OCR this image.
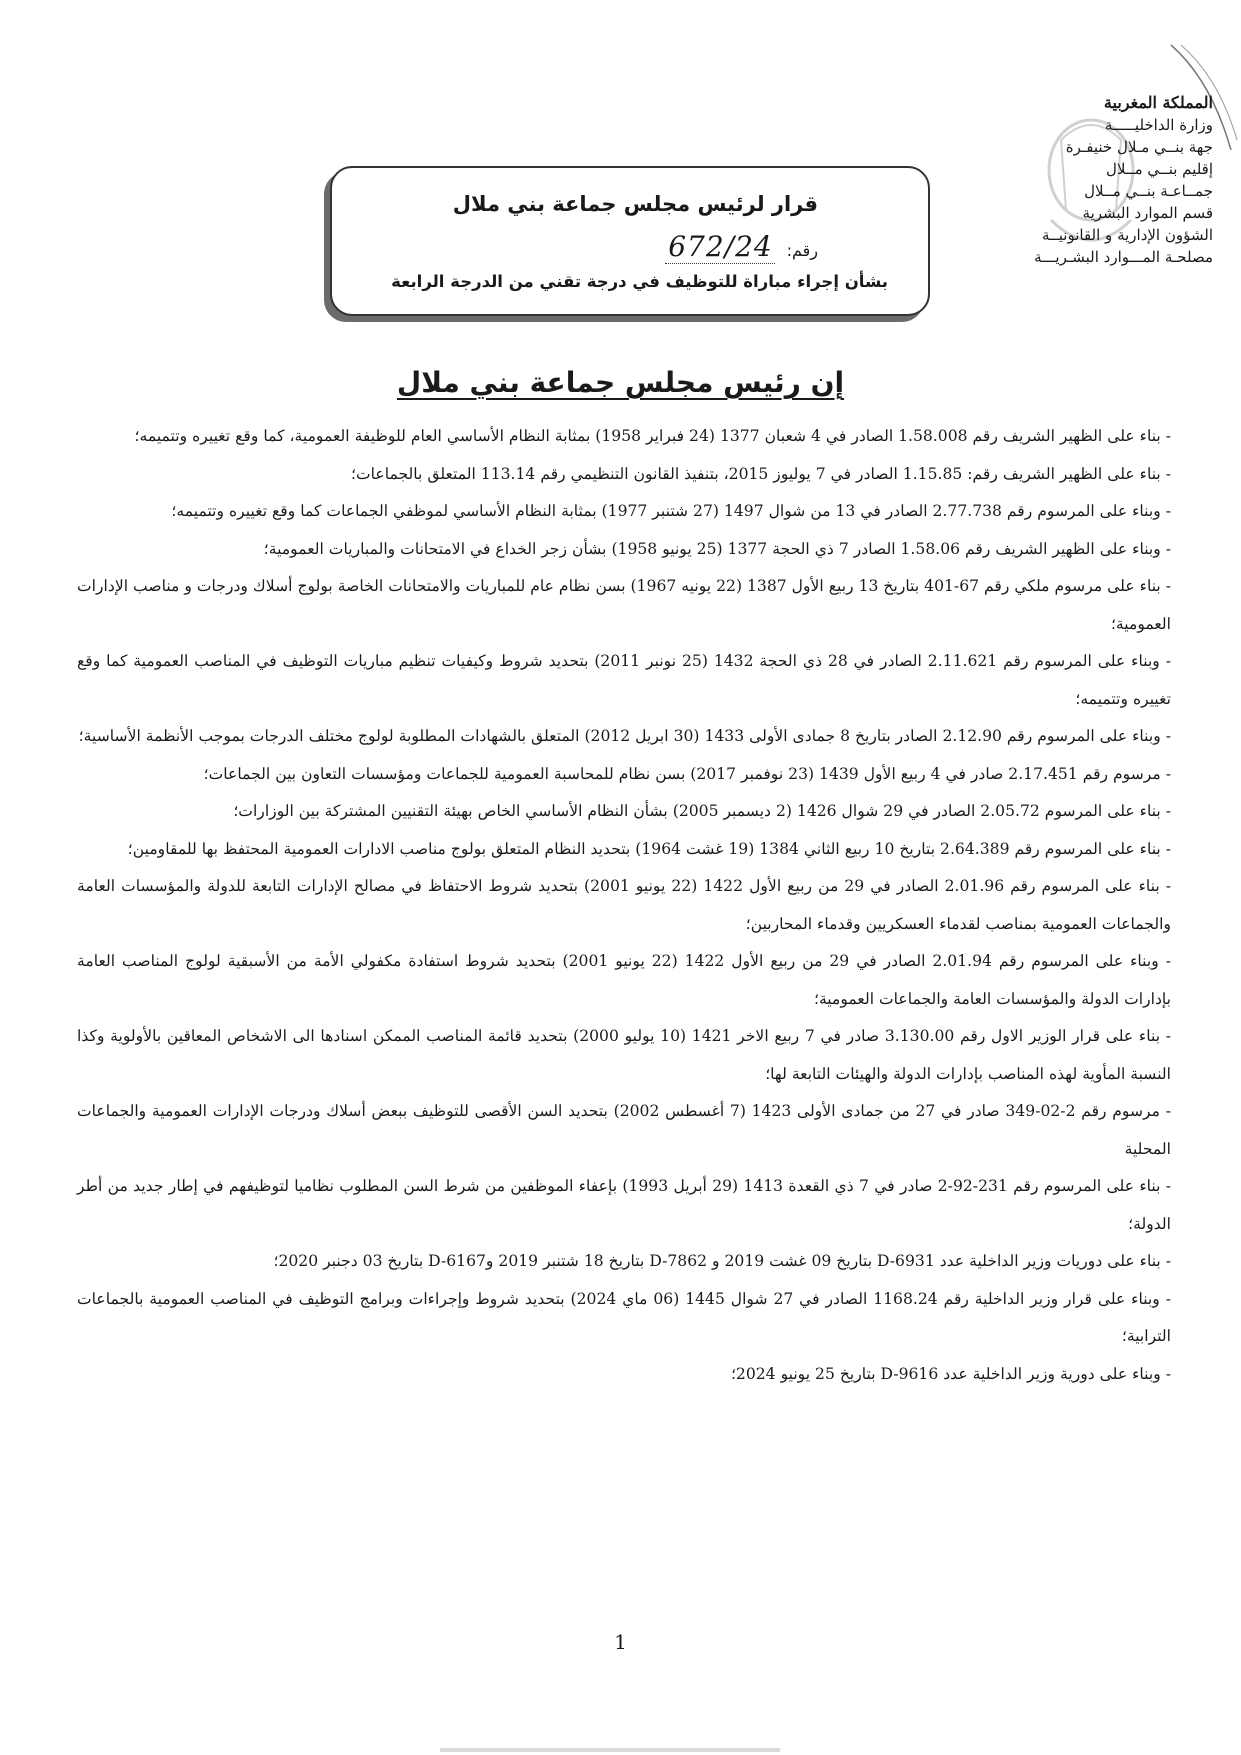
المملكة المغربية
وزارة الداخليـــــة
جهة بنــي مـلال خنيفـرة
إقليم بنــي مــلال
جمــاعـة بنــي مــلال
قسم الموارد البشرية
الشؤون الإدارية و القانونيــة
مصلحـة المـــوارد البشـريـــة
قرار لرئيس مجلس جماعة بني ملال
رقم: 672/24
بشأن إجراء مباراة للتوظيف في درجة تقني من الدرجة الرابعة
إن رئيس مجلس جماعة بني ملال

- بناء على الظهير الشريف رقم 1.58.008 الصادر في 4 شعبان 1377 (24 فبراير 1958) بمثابة النظام الأساسي العام للوظيفة العمومية، كما وقع تغييره وتتميمه؛

- بناء على الظهير الشريف رقم: 1.15.85 الصادر في 7 يوليوز 2015، بتنفيذ القانون التنظيمي رقم 113.14 المتعلق بالجماعات؛

- وبناء على المرسوم رقم 2.77.738 الصادر في 13 من شوال 1497 (27 شتنبر 1977) بمثابة النظام الأساسي لموظفي الجماعات كما وقع تغييره وتتميمه؛

- وبناء على الظهير الشريف رقم 1.58.06 الصادر 7 ذي الحجة 1377 (25 يونيو 1958) بشأن زجر الخداع في الامتحانات والمباريات العمومية؛

- بناء على مرسوم ملكي رقم 67-401 بتاريخ 13 ربيع الأول 1387 (22 يونيه 1967) بسن نظام عام للمباريات والامتحانات الخاصة بولوج أسلاك ودرجات و مناصب الإدارات العمومية؛

- وبناء على المرسوم رقم 2.11.621 الصادر في 28 ذي الحجة 1432 (25 نونبر 2011) بتحديد شروط وكيفيات تنظيم مباريات التوظيف في المناصب العمومية كما وقع تغييره وتتميمه؛

- وبناء على المرسوم رقم 2.12.90 الصادر بتاريخ 8 جمادى الأولى 1433 (30 ابريل 2012) المتعلق بالشهادات المطلوبة لولوج مختلف الدرجات بموجب الأنظمة الأساسية؛

- مرسوم رقم 2.17.451 صادر في 4 ربيع الأول 1439 (23 نوفمبر 2017) بسن نظام للمحاسبة العمومية للجماعات ومؤسسات التعاون بين الجماعات؛

- بناء على المرسوم 2.05.72 الصادر في 29 شوال 1426 (2 ديسمبر 2005) بشأن النظام الأساسي الخاص بهيئة التقنيين المشتركة بين الوزارات؛

- بناء على المرسوم رقم 2.64.389 بتاريخ 10 ربيع الثاني 1384 (19 غشت 1964) بتحديد النظام المتعلق بولوج مناصب الادارات العمومية المحتفظ بها للمقاومين؛

- بناء على المرسوم رقم 2.01.96 الصادر في 29 من ربيع الأول 1422 (22 يونيو 2001) بتحديد شروط الاحتفاظ في مصالح الإدارات التابعة للدولة والمؤسسات العامة والجماعات العمومية بمناصب لقدماء العسكريين وقدماء المحاربين؛

- وبناء على المرسوم رقم 2.01.94 الصادر في 29 من ربيع الأول 1422 (22 يونيو 2001) بتحديد شروط استفادة مكفولي الأمة من الأسبقية لولوج المناصب العامة بإدارات الدولة والمؤسسات العامة والجماعات العمومية؛

- بناء على قرار الوزير الاول رقم 3.130.00 صادر في 7 ربيع الاخر 1421 (10 يوليو 2000) بتحديد قائمة المناصب الممكن اسنادها الى الاشخاص المعاقين بالأولوية وكذا النسبة المأوية لهذه المناصب بإدارات الدولة والهيئات التابعة لها؛

- مرسوم رقم 2-02-349 صادر في 27 من جمادى الأولى 1423 (7 أغسطس 2002) بتحديد السن الأقصى للتوظيف ببعض أسلاك ودرجات الإدارات العمومية والجماعات المحلية

- بناء على المرسوم رقم 231-92-2 صادر في 7 ذي القعدة 1413 (29 أبريل 1993) بإعفاء الموظفين من شرط السن المطلوب نظاميا لتوظيفهم في إطار جديد من أطر الدولة؛

- بناء على دوريات وزير الداخلية عدد D-6931 بتاريخ 09 غشت 2019 و D-7862 بتاريخ 18 شتنبر 2019 وD-6167 بتاريخ 03 دجنبر 2020؛

- وبناء على قرار وزير الداخلية رقم 1168.24 الصادر في 27 شوال 1445 (06 ماي 2024) بتحديد شروط وإجراءات وبرامج التوظيف في المناصب العمومية بالجماعات الترابية؛

- وبناء على دورية وزير الداخلية عدد D-9616 بتاريخ 25 يونيو 2024؛

1
